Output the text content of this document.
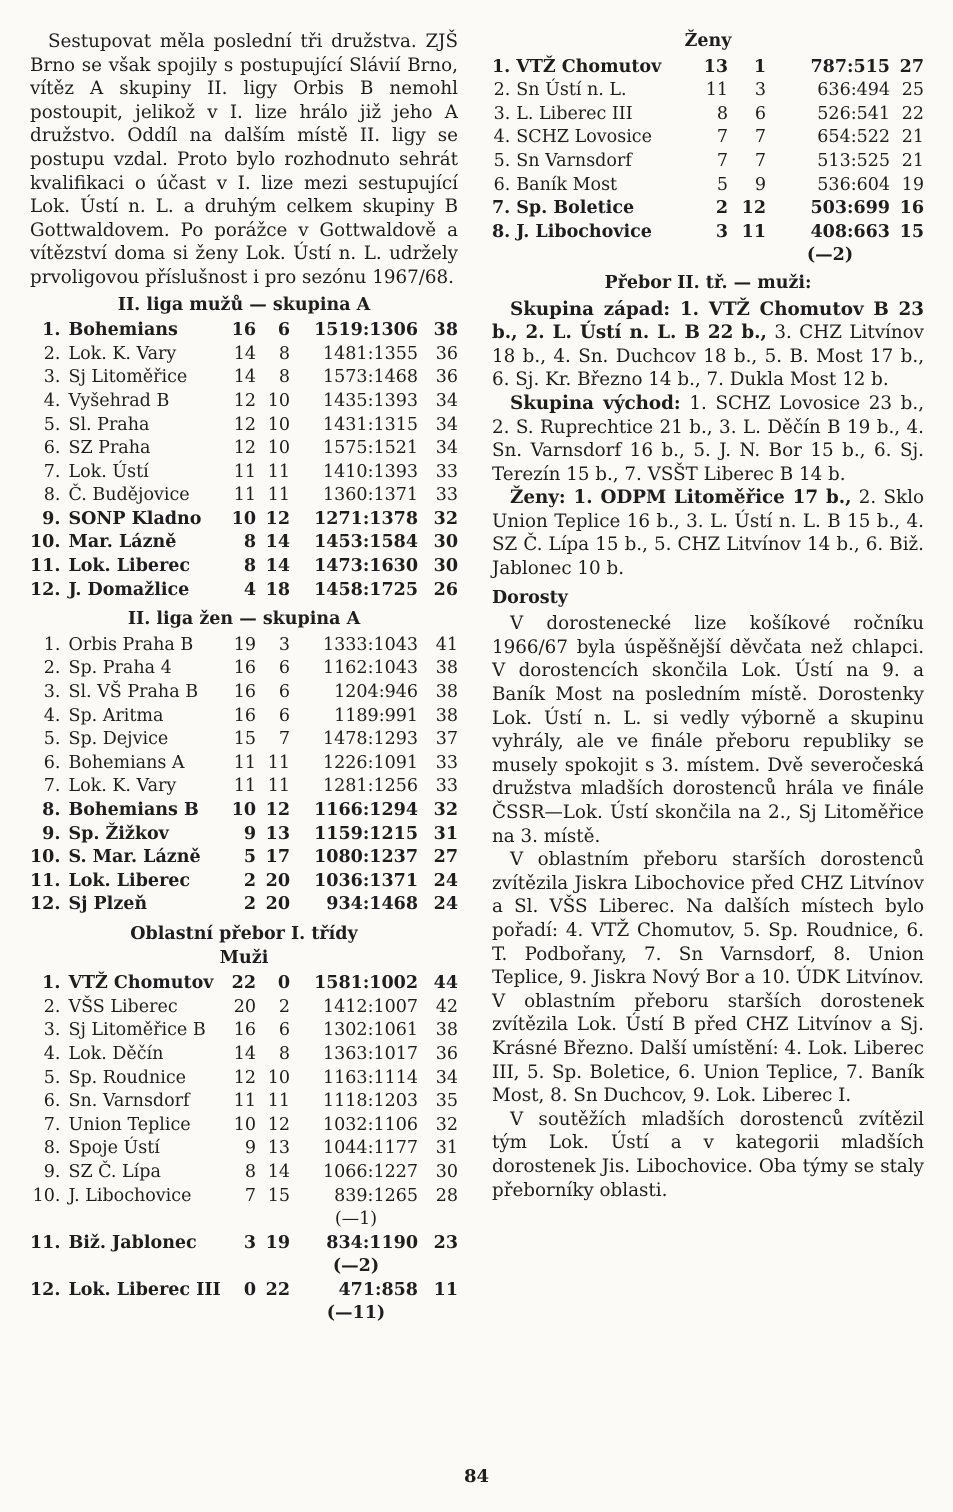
Sestupovat měla poslední tři družstva. ZJŠ Brno se však spojily s postupující Slávií Brno, vítěz A skupiny II. ligy Orbis B nemohl postoupit, jelikož v I. lize hrálo již jeho A družstvo. Oddíl na dalším místě II. ligy se postupu vzdal. Proto bylo rozhodnuto sehrát kvalifikaci o účast v I. lize mezi sestupující Lok. Ústí n. L. a druhým celkem skupiny B Gottwaldovem. Po porážce v Gottwaldově a vítězství doma si ženy Lok. Ústí n. L. udržely prvoligovou příslušnost i pro sezónu 1967/68.

II. liga mužů — skupina A
1.	Bohemians	16	6	1519:1306	38
2.	Lok. K. Vary	14	8	1481:1355	36
3.	Sj Litoměřice	14	8	1573:1468	36
4.	Vyšehrad B	12	10	1435:1393	34
5.	Sl. Praha	12	10	1431:1315	34
6.	SZ Praha	12	10	1575:1521	34
7.	Lok. Ústí	11	11	1410:1393	33
8.	Č. Budějovice	11	11	1360:1371	33
9.	SONP Kladno	10	12	1271:1378	32
10.	Mar. Lázně	8	14	1453:1584	30
11.	Lok. Liberec	8	14	1473:1630	30
12.	J. Domažlice	4	18	1458:1725	26
II. liga žen — skupina A
1.	Orbis Praha B	19	3	1333:1043	41
2.	Sp. Praha 4	16	6	1162:1043	38
3.	Sl. VŠ Praha B	16	6	1204:946	38
4.	Sp. Aritma	16	6	1189:991	38
5.	Sp. Dejvice	15	7	1478:1293	37
6.	Bohemians A	11	11	1226:1091	33
7.	Lok. K. Vary	11	11	1281:1256	33
8.	Bohemians B	10	12	1166:1294	32
9.	Sp. Žižkov	9	13	1159:1215	31
10.	S. Mar. Lázně	5	17	1080:1237	27
11.	Lok. Liberec	2	20	1036:1371	24
12.	Sj Plzeň	2	20	934:1468	24
Oblastní přebor I. třídy
Muži
1.	VTŽ Chomutov	22	0	1581:1002	44
2.	VŠS Liberec	20	2	1412:1007	42
3.	Sj Litoměřice B	16	6	1302:1061	38
4.	Lok. Děčín	14	8	1363:1017	36
5.	Sp. Roudnice	12	10	1163:1114	34
6.	Sn. Varnsdorf	11	11	1118:1203	35
7.	Union Teplice	10	12	1032:1106	32
8.	Spoje Ústí	9	13	1044:1177	31
9.	SZ Č. Lípa	8	14	1066:1227	30
10.	J. Libochovice	7	15	839:1265	28
				(—1)	
11.	Biž. Jablonec	3	19	834:1190	23
				(—2)	
12.	Lok. Liberec III	0	22	471:858	11
				(—11)	
Ženy
1.	VTŽ Chomutov	13	1	787:515	27
2.	Sn Ústí n. L.	11	3	636:494	25
3.	L. Liberec III	8	6	526:541	22
4.	SCHZ Lovosice	7	7	654:522	21
5.	Sn Varnsdorf	7	7	513:525	21
6.	Baník Most	5	9	536:604	19
7.	Sp. Boletice	2	12	503:699	16
8.	J. Libochovice	3	11	408:663	15
				(—2)	
Přebor II. tř. — muži:

Skupina západ: 1. VTŽ Chomutov B 23 b., 2. L. Ústí n. L. B 22 b., 3. CHZ Litvínov 18 b., 4. Sn. Duchcov 18 b., 5. B. Most 17 b., 6. Sj. Kr. Březno 14 b., 7. Dukla Most 12 b.

Skupina východ: 1. SCHZ Lovosice 23 b., 2. S. Ruprechtice 21 b., 3. L. Děčín B 19 b., 4. Sn. Varnsdorf 16 b., 5. J. N. Bor 15 b., 6. Sj. Terezín 15 b., 7. VSŠT Liberec B 14 b.

Ženy: 1. ODPM Litoměřice 17 b., 2. Sklo Union Teplice 16 b., 3. L. Ústí n. L. B 15 b., 4. SZ Č. Lípa 15 b., 5. CHZ Litvínov 14 b., 6. Biž. Jablonec 10 b.

Dorosty

V dorostenecké lize košíkové ročníku 1966/67 byla úspěšnější děvčata než chlapci. V dorostencích skončila Lok. Ústí na 9. a Baník Most na posledním místě. Dorostenky Lok. Ústí n. L. si vedly výborně a skupinu vyhrály, ale ve finále přeboru republiky se musely spokojit s 3. místem. Dvě severočeská družstva mladších dorostenců hrála ve finále ČSSR—Lok. Ústí skončila na 2., Sj Litoměřice na 3. místě.

V oblastním přeboru starších dorostenců zvítězila Jiskra Libochovice před CHZ Litvínov a Sl. VŠS Liberec. Na dalších místech bylo pořadí: 4. VTŽ Chomutov, 5. Sp. Roudnice, 6. T. Podbořany, 7. Sn Varnsdorf, 8. Union Teplice, 9. Jiskra Nový Bor a 10. ÚDK Litvínov. V oblastním přeboru starších dorostenek zvítězila Lok. Ústí B před CHZ Litvínov a Sj. Krásné Březno. Další umístění: 4. Lok. Liberec III, 5. Sp. Boletice, 6. Union Teplice, 7. Baník Most, 8. Sn Duchcov, 9. Lok. Liberec I.

V soutěžích mladších dorostenců zvítězil tým Lok. Ústí a v kategorii mladších dorostenek Jis. Libochovice. Oba týmy se staly přeborníky oblasti.

84
